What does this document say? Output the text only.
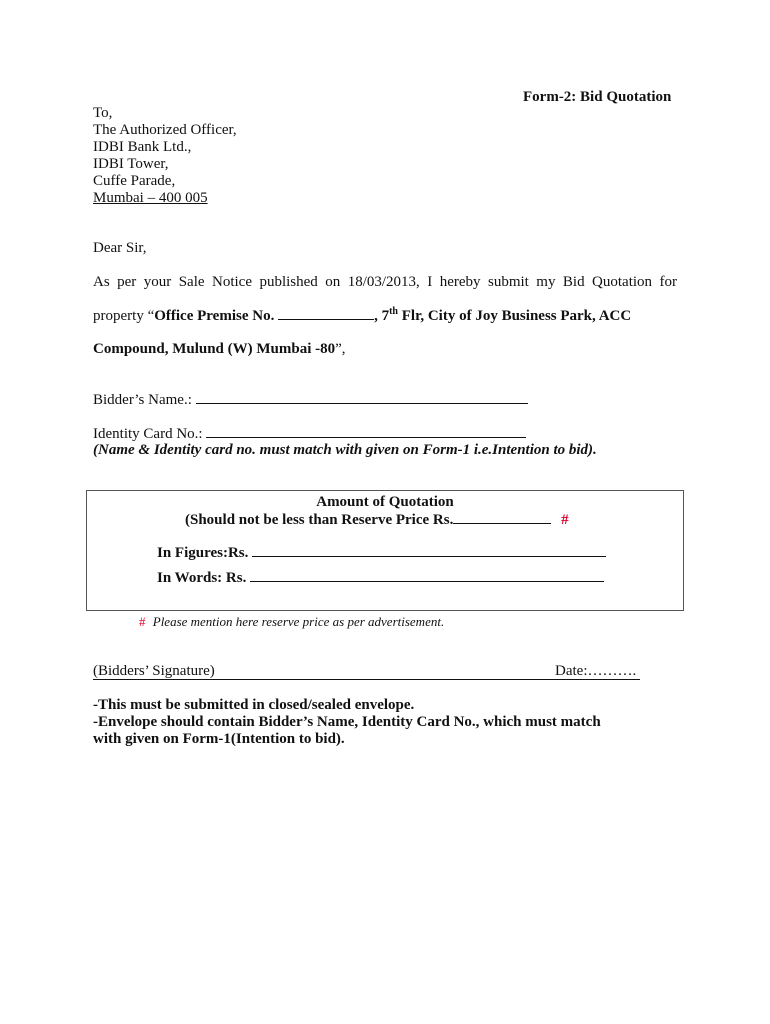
Form-2: Bid Quotation
To,
The Authorized Officer,
IDBI Bank Ltd.,
IDBI Tower,
Cuffe Parade,
Mumbai – 400 005
Dear Sir,
As per your Sale Notice published on 18/03/2013, I hereby submit my Bid Quotation for
property “Office Premise No.	, 7th Flr, City of Joy Business Park, ACC
Compound, Mulund (W) Mumbai -80”,
Bidder’s Name.:
Identity Card No.:
(Name & Identity card no. must match with given on Form-1 i.e.Intention to bid).
Amount of Quotation
(Should not be less than Reserve Price Rs.	#
In Figures:Rs.
In Words: Rs.
# Please mention here reserve price as per advertisement.
(Bidders’ Signature)	Date:……….
-This must be submitted in closed/sealed envelope.
-Envelope should contain Bidder’s Name, Identity Card No., which must match
with given on Form-1(Intention to bid).
